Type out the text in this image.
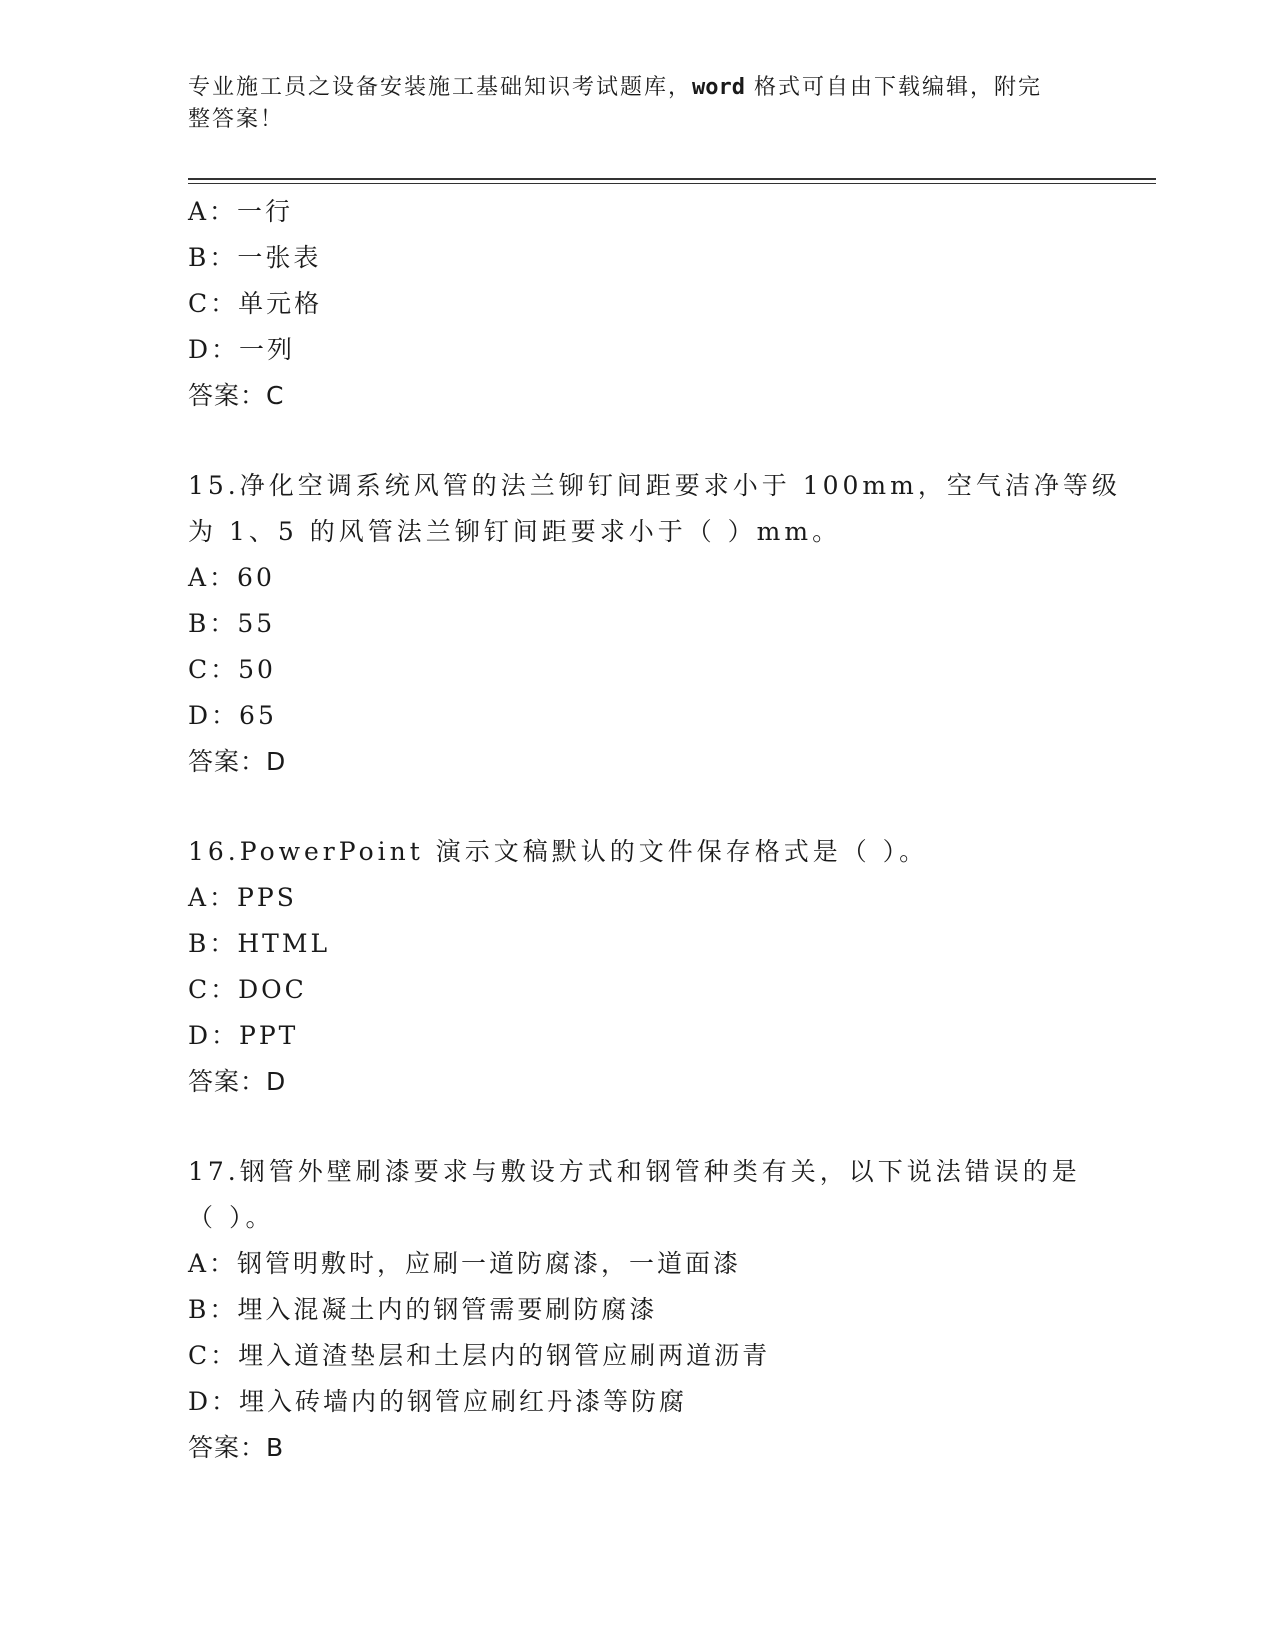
专业施工员之设备安装施工基础知识考试题库，word 格式可自由下载编辑，附完
整答案！
A：一行
B：一张表
C：单元格
D：一列
答案：C
15.净化空调系统风管的法兰铆钉间距要求小于 100mm，空气洁净等级
为 1、5 的风管法兰铆钉间距要求小于（ ）mm。
A：60
B：55
C：50
D：65
答案：D
16.PowerPoint 演示文稿默认的文件保存格式是（ ）。
A：PPS
B：HTML
C：DOC
D：PPT
答案：D
17.钢管外壁刷漆要求与敷设方式和钢管种类有关，以下说法错误的是
（ ）。
A：钢管明敷时，应刷一道防腐漆，一道面漆
B：埋入混凝土内的钢管需要刷防腐漆
C：埋入道渣垫层和土层内的钢管应刷两道沥青
D：埋入砖墙内的钢管应刷红丹漆等防腐
答案：B
